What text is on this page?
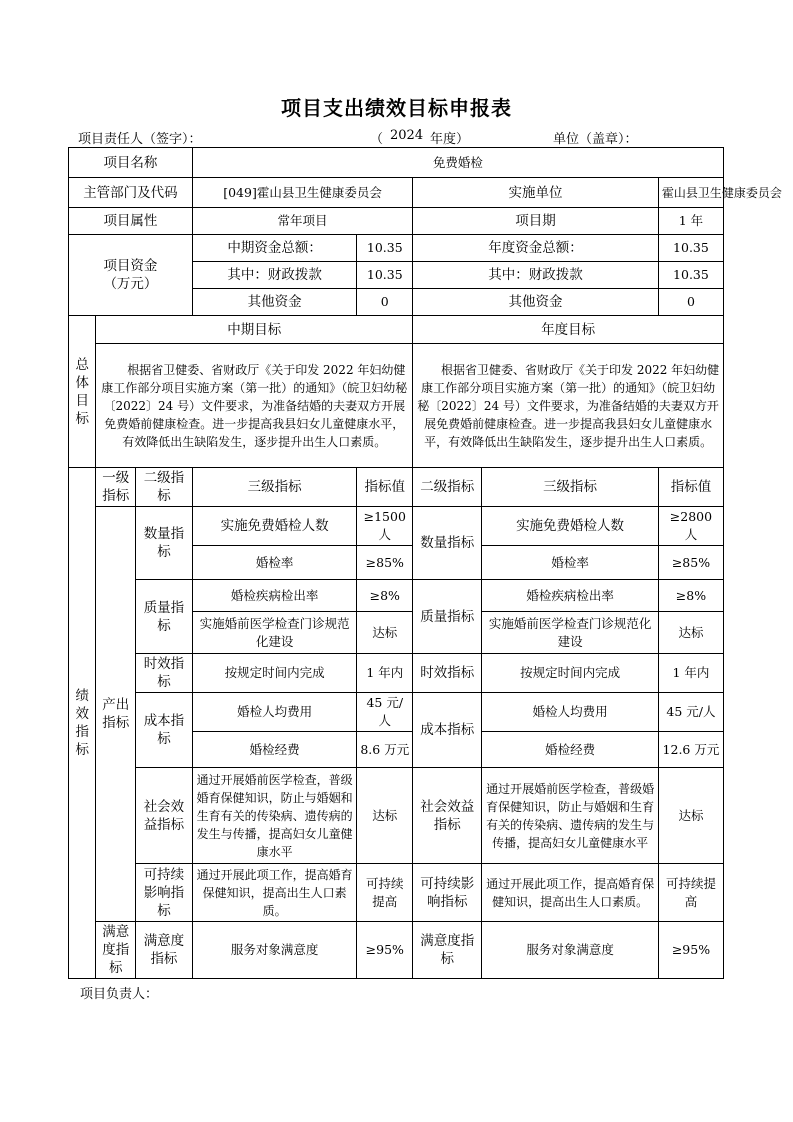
项目支出绩效目标申报表
项目责任人（签字）：	（ 2024 年度）	单位（盖章）：
项目名称			免费婚检				
主管部门及代码			[049]霍山县卫生健康委员会		实施单位		霍山县卫生健康委员会
项目属性			常年项目		项目期		1 年

项目资金
（万元）			中期资金总额：	10.35	年度资金总额：		10.35
			其中：财政拨款	10.35	其中：财政拨款		10.35
			其他资金	0	其他资金		0

总
体
目
标	中期目标				年度目标		
	根据省卫健委、省财政厅《关于印发 2022 年妇幼健康工作部分项目实施方案（第一批）的通知》（皖卫妇幼秘〔2022〕24 号）文件要求，为准备结婚的夫妻双方开展免费婚前健康检查。进一步提高我县妇女儿童健康水平，有效降低出生缺陷发生，逐步提升出生人口素质。				根据省卫健委、省财政厅《关于印发 2022 年妇幼健康工作部分项目实施方案（第一批）的通知》（皖卫妇幼秘〔2022〕24 号）文件要求，为准备结婚的夫妻双方开展免费婚前健康检查。进一步提高我县妇女儿童健康水平，有效降低出生缺陷发生，逐步提升出生人口素质。		

绩
效
指
标	一级指标	二级指标	三级指标	指标值	二级指标	三级指标	指标值
	产出指标	数量指标	实施免费婚检人数	≥1500人	数量指标	实施免费婚检人数	≥2800 人
			婚检率	≥85%		婚检率	≥85%
		质量指标	婚检疾病检出率	≥8%	质量指标	婚检疾病检出率	≥8%
			实施婚前医学检查门诊规范化建设	达标		实施婚前医学检查门诊规范化建设	达标
		时效指标	按规定时间内完成	1 年内	时效指标	按规定时间内完成	1 年内
		成本指标	婚检人均费用	45 元/人	成本指标	婚检人均费用	45 元/人
			婚检经费	8.6 万元		婚检经费	12.6 万元
		社会效益指标	通过开展婚前医学检查，普级婚育保健知识，防止与婚姻和生育有关的传染病、遗传病的发生与传播，提高妇女儿童健康水平	达标	社会效益指标	通过开展婚前医学检查，普级婚育保健知识，防止与婚姻和生育有关的传染病、遗传病的发生与传播，提高妇女儿童健康水平	达标
		可持续影响指标	通过开展此项工作，提高婚育保健知识，提高出生人口素质。	可持续提高	可持续影响指标	通过开展此项工作，提高婚育保健知识，提高出生人口素质。	可持续提高
	满意度指标	满意度指标	服务对象满意度	≥95%	满意度指标	服务对象满意度	≥95%
项目负责人：
